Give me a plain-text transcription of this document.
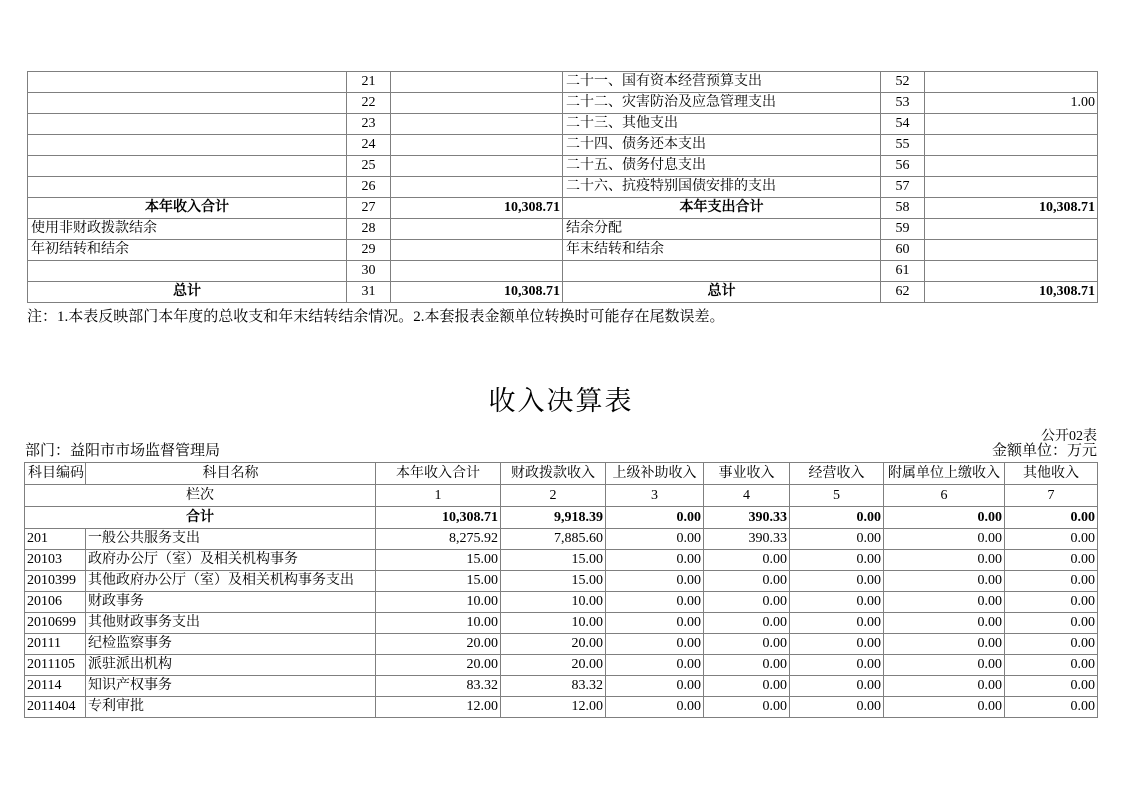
	21		二十一、国有资本经营预算支出	52	
	22		二十二、灾害防治及应急管理支出	53	1.00
	23		二十三、其他支出	54	
	24		二十四、债务还本支出	55	
	25		二十五、债务付息支出	56	
	26		二十六、抗疫特别国债安排的支出	57	
本年收入合计	27	10,308.71	本年支出合计	58	10,308.71
使用非财政拨款结余	28		结余分配	59	
年初结转和结余	29		年末结转和结余	60	
	30			61	
总计	31	10,308.71	总计	62	10,308.71
注：1.本表反映部门本年度的总收支和年末结转结余情况。2.本套报表金额单位转换时可能存在尾数误差。
收入决算表
公开02表
部门：益阳市市场监督管理局	金额单位：万元
科目编码	科目名称	本年收入合计	财政拨款收入	上级补助收入	事业收入	经营收入	附属单位上缴收入	其他收入
栏次		1	2	3	4	5	6	7
合计		10,308.71	9,918.39	0.00	390.33	0.00	0.00	0.00
201	一般公共服务支出	8,275.92	7,885.60	0.00	390.33	0.00	0.00	0.00
20103	政府办公厅（室）及相关机构事务	15.00	15.00	0.00	0.00	0.00	0.00	0.00
2010399	其他政府办公厅（室）及相关机构事务支出	15.00	15.00	0.00	0.00	0.00	0.00	0.00
20106	财政事务	10.00	10.00	0.00	0.00	0.00	0.00	0.00
2010699	其他财政事务支出	10.00	10.00	0.00	0.00	0.00	0.00	0.00
20111	纪检监察事务	20.00	20.00	0.00	0.00	0.00	0.00	0.00
2011105	派驻派出机构	20.00	20.00	0.00	0.00	0.00	0.00	0.00
20114	知识产权事务	83.32	83.32	0.00	0.00	0.00	0.00	0.00
2011404	专利审批	12.00	12.00	0.00	0.00	0.00	0.00	0.00
